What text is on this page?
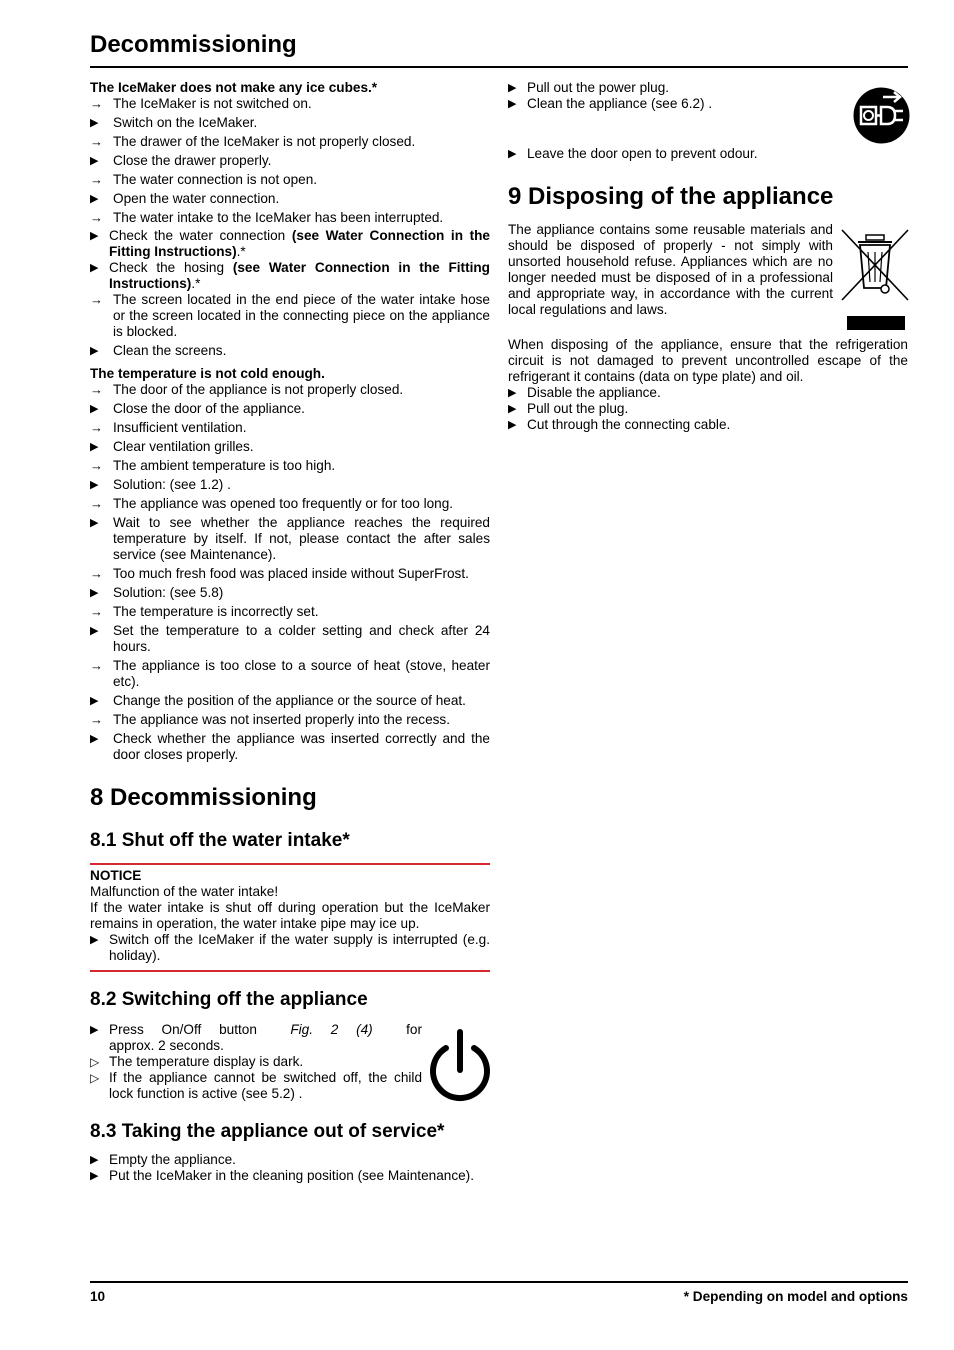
Decommissioning
The IceMaker does not make any ice cubes.*
→ The IceMaker is not switched on.
▶	Switch on the IceMaker.
→ The drawer of the IceMaker is not properly closed.
▶	Close the drawer properly.
→ The water connection is not open.
▶	Open the water connection.
→ The water intake to the IceMaker has been interrupted.
▶ Check the water connection (see Water Connection in the Fitting Instructions).*
▶ Check the hosing (see Water Connection in the Fitting Instructions).*
→ The screen located in the end piece of the water intake hose or the screen located in the connecting piece on the appliance is blocked.
▶	Clean the screens.
The temperature is not cold enough.
→ The door of the appliance is not properly closed.
▶	Close the door of the appliance.
→ Insufficient ventilation.
▶	Clear ventilation grilles.
→ The ambient temperature is too high.
▶	Solution: (see 1.2) .
→ The appliance was opened too frequently or for too long.
▶	Wait to see whether the appliance reaches the required temperature by itself. If not, please contact the after sales service (see Maintenance).
→ Too much fresh food was placed inside without SuperFrost.
▶	Solution: (see 5.8)
→ The temperature is incorrectly set.
▶	Set the temperature to a colder setting and check after 24 hours.
→ The appliance is too close to a source of heat (stove, heater etc).
▶	Change the position of the appliance or the source of heat.
→ The appliance was not inserted properly into the recess.
▶	Check whether the appliance was inserted correctly and the door closes properly.
8 Decommissioning
8.1 Shut off the water intake*
NOTICE

Malfunction of the water intake!

If the water intake is shut off during operation but the IceMaker remains in operation, the water intake pipe may ice up.

▶ Switch off the IceMaker if the water supply is interrupted (e.g. holiday).
8.2 Switching off the appliance
▶ Press On/Off button Fig. 2 (4) for
approx. 2 seconds.
▷ The temperature display is dark.
▷ If the appliance cannot be switched off, the child lock function is active (see 5.2) .
8.3 Taking the appliance out of service*
▶ Empty the appliance.
▶ Put the IceMaker in the cleaning position (see Maintenance).
▶ Pull out the power plug.
▶ Clean the appliance (see 6.2) .
▶ Leave the door open to prevent odour.
9 Disposing of the appliance

The appliance contains some reusable materials and should be disposed of properly - not simply with unsorted household refuse. Appliances which are no longer needed must be disposed of in a professional and appropriate way, in accordance with the current local regulations and laws.

When disposing of the appliance, ensure that the refrigeration circuit is not damaged to prevent uncontrolled escape of the refrigerant it contains (data on type plate) and oil.

▶ Disable the appliance.
▶ Pull out the plug.
▶ Cut through the connecting cable.
10	* Depending on model and options
